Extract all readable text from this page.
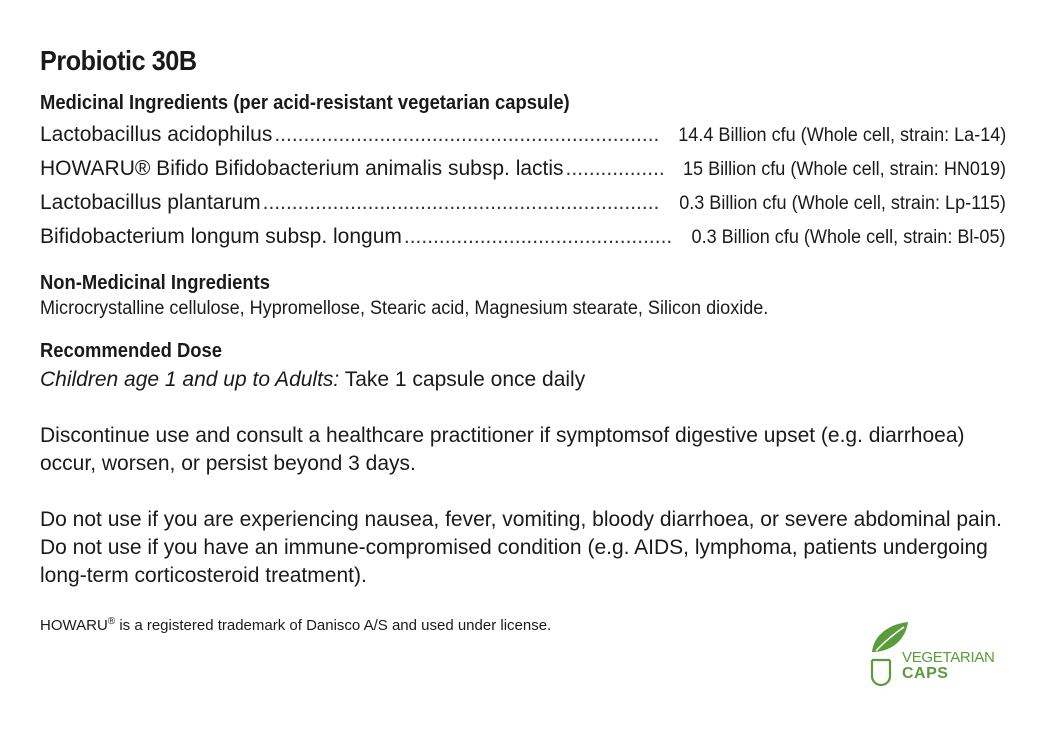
Probiotic 30B
Medicinal Ingredients (per acid-resistant vegetarian capsule)
Lactobacillus acidophilus .....	14.4 Billion cfu (Whole cell, strain: La-14)
HOWARU® Bifido Bifidobacterium animalis subsp. lactis .....	15 Billion cfu (Whole cell, strain: HN019)
Lactobacillus plantarum .....	0.3 Billion cfu (Whole cell, strain: Lp-115)
Bifidobacterium longum subsp. longum .....	0.3 Billion cfu (Whole cell, strain: Bl-05)
Non-Medicinal Ingredients
Microcrystalline cellulose, Hypromellose, Stearic acid, Magnesium stearate, Silicon dioxide.
Recommended Dose
Children age 1 and up to Adults: Take 1 capsule once daily

Discontinue use and consult a healthcare practitioner if symptomsof digestive upset (e.g. diarrhoea) occur, worsen, or persist beyond 3 days.

Do not use if you are experiencing nausea, fever, vomiting, bloody diarrhoea, or severe abdominal pain. Do not use if you have an immune-compromised condition (e.g. AIDS, lymphoma, patients undergoing long-term corticosteroid treatment).

HOWARU® is a registered trademark of Danisco A/S and used under license.
VEGETARIAN
CAPS
